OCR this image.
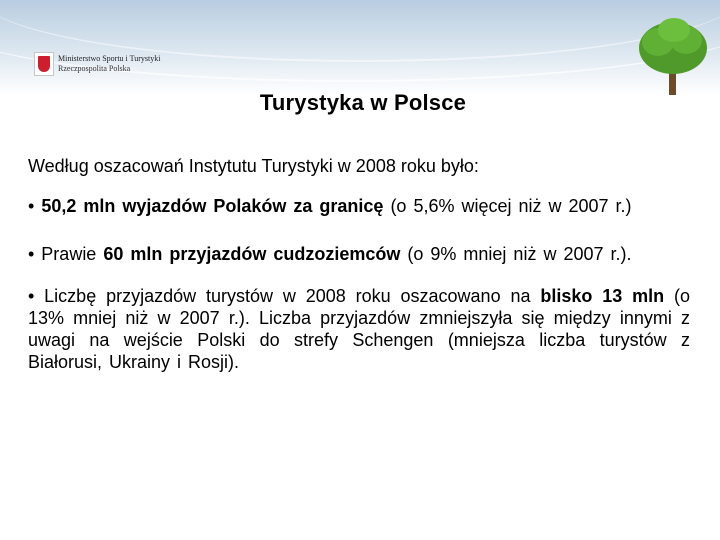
Ministerstwo Sportu i Turystyki
Rzeczpospolita Polska
Turystyka w Polsce

Według oszacowań Instytutu Turystyki w 2008 roku było:

• 50,2 mln wyjazdów Polaków za granicę (o 5,6% więcej niż w 2007 r.)

• Prawie 60 mln przyjazdów cudzoziemców (o 9% mniej niż w 2007 r.).

• Liczbę przyjazdów turystów w 2008 roku oszacowano na blisko 13 mln (o 13% mniej niż w 2007 r.). Liczba przyjazdów zmniejszyła się między innymi z uwagi na wejście Polski do strefy Schengen (mniejsza liczba turystów z Białorusi, Ukrainy i Rosji).
